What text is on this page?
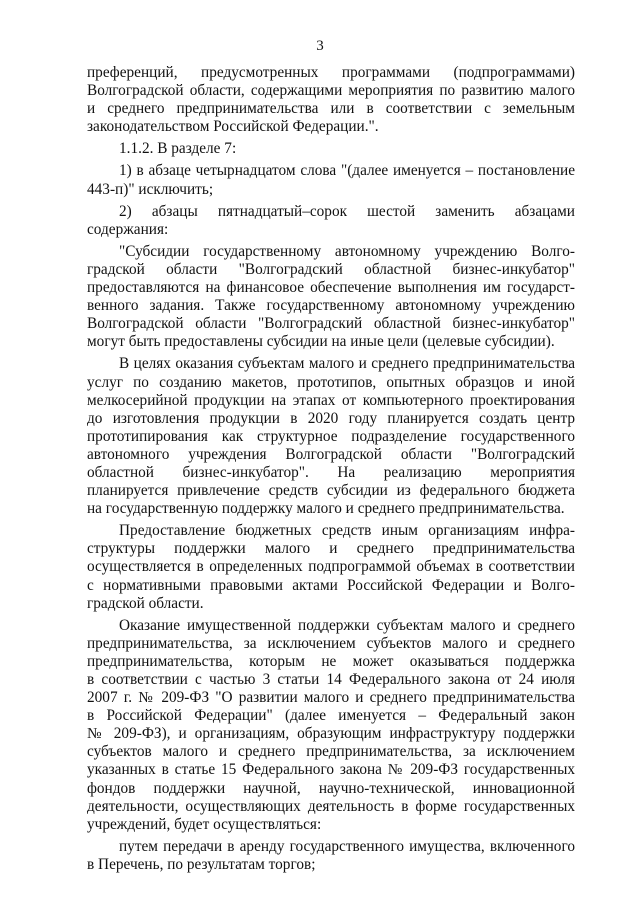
3
преференций, предусмотренных программами (подпрограммами)
Волгоградской области, содержащими мероприятия по развитию малого
и среднего предпринимательства или в соответствии с земельным
законодательством Российской Федерации.".
1.1.2. В разделе 7:
1) в абзаце четырнадцатом слова "(далее именуется – постановление
443-п)" исключить;
2) абзацы пятнадцатый–сорок шестой заменить абзацами
содержания:
"Субсидии государственному автономному учреждению Волго-
градской области "Волгоградский областной бизнес-инкубатор"
предоставляются на финансовое обеспечение выполнения им государст-
венного задания. Также государственному автономному учреждению
Волгоградской области "Волгоградский областной бизнес-инкубатор"
могут быть предоставлены субсидии на иные цели (целевые субсидии).
В целях оказания субъектам малого и среднего предпринимательства
услуг по созданию макетов, прототипов, опытных образцов и иной
мелкосерийной продукции на этапах от компьютерного проектирования
до изготовления продукции в 2020 году планируется создать центр
прототипирования как структурное подразделение государственного
автономного учреждения Волгоградской области "Волгоградский
областной бизнес-инкубатор". На реализацию мероприятия
планируется привлечение средств субсидии из федерального бюджета
на государственную поддержку малого и среднего предпринимательства.
Предоставление бюджетных средств иным организациям инфра-
структуры поддержки малого и среднего предпринимательства
осуществляется в определенных подпрограммой объемах в соответствии
с нормативными правовыми актами Российской Федерации и Волго-
градской области.
Оказание имущественной поддержки субъектам малого и среднего
предпринимательства, за исключением субъектов малого и среднего
предпринимательства, которым не может оказываться поддержка
в соответствии с частью 3 статьи 14 Федерального закона от 24 июля
2007 г. № 209-ФЗ "О развитии малого и среднего предпринимательства
в Российской Федерации" (далее именуется – Федеральный закон
№ 209-ФЗ), и организациям, образующим инфраструктуру поддержки
субъектов малого и среднего предпринимательства, за исключением
указанных в статье 15 Федерального закона № 209-ФЗ государственных
фондов поддержки научной, научно-технической, инновационной
деятельности, осуществляющих деятельность в форме государственных
учреждений, будет осуществляться:
путем передачи в аренду государственного имущества, включенного
в Перечень, по результатам торгов;
